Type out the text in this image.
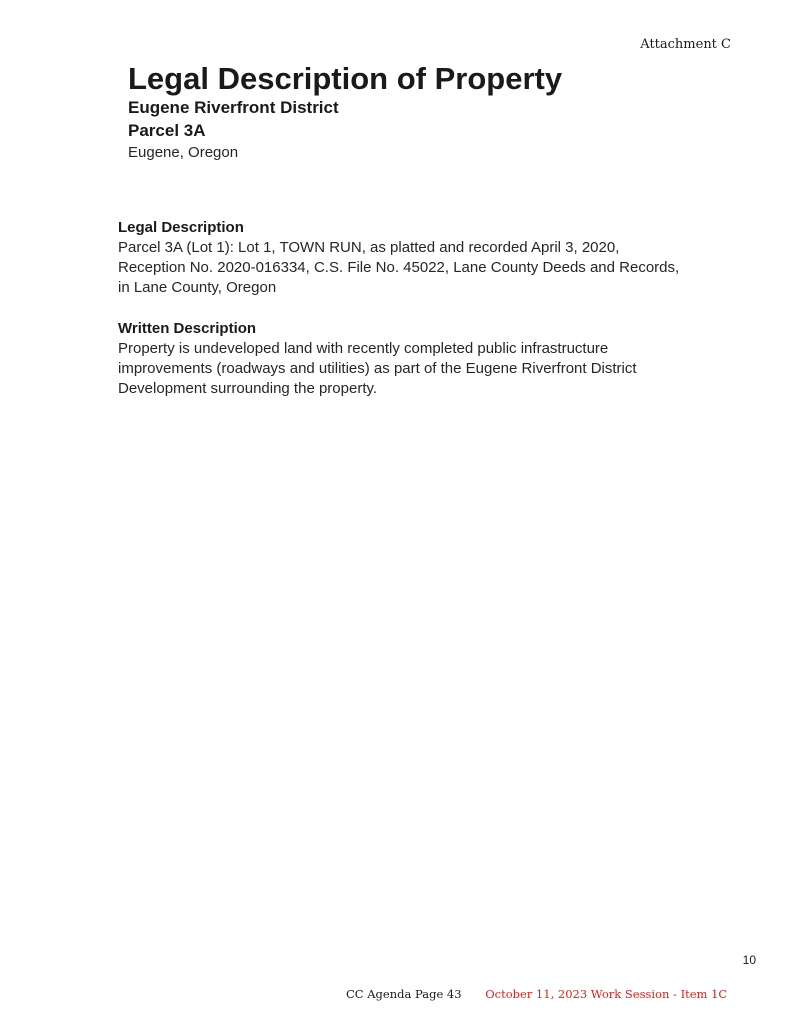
Attachment C
Legal Description of Property
Eugene Riverfront District
Parcel 3A
Eugene, Oregon
Legal Description

Parcel 3A (Lot 1): Lot 1, TOWN RUN, as platted and recorded April 3, 2020,
Reception No. 2020-016334, C.S. File No. 45022, Lane County Deeds and Records,
in Lane County, Oregon

Written Description

Property is undeveloped land with recently completed public infrastructure
improvements (roadways and utilities) as part of the Eugene Riverfront District
Development surrounding the property.

10
CC Agenda Page 43 October 11, 2023 Work Session - Item 1C
